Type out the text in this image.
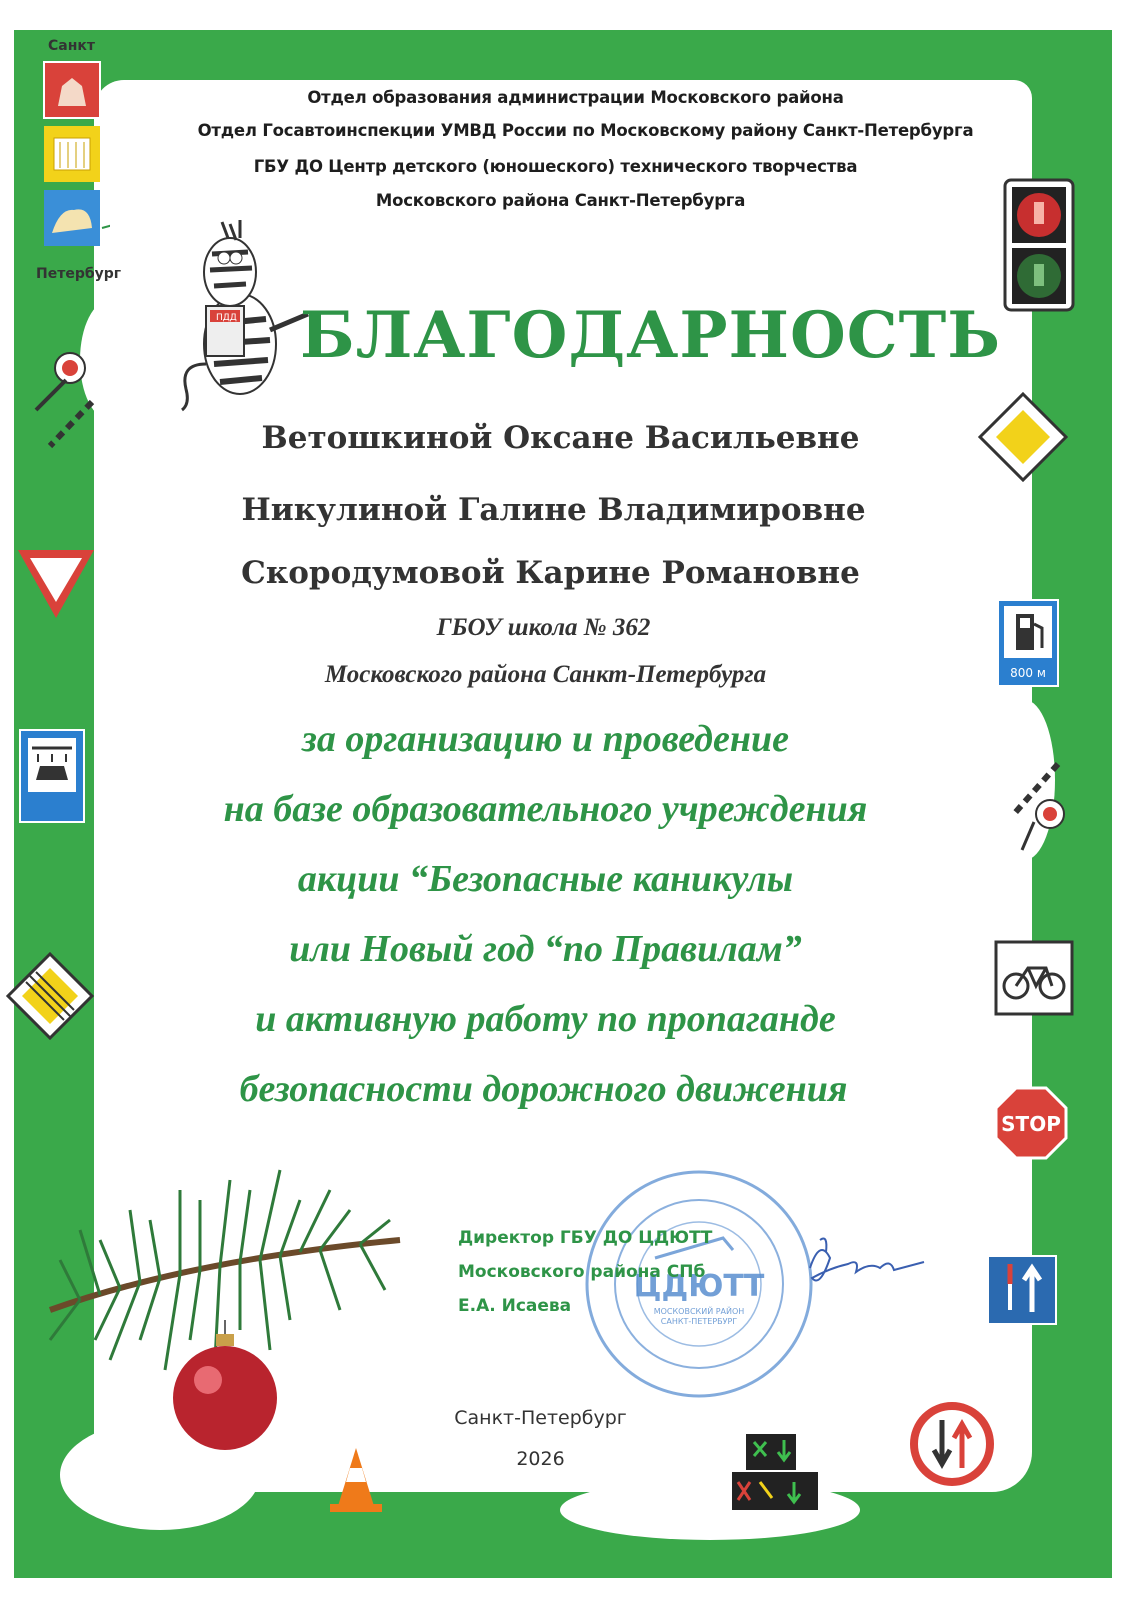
Санкт
Петербург
Отдел образования администрации Московского района
Отдел Госавтоинспекции УМВД России по Московскому району Санкт-Петербурга
ГБУ ДО Центр детского (юношеского) технического творчества
Московского района Санкт-Петербурга
ПДД БЛАГОДАРНОСТЬ
800 м
STOP
Ветошкиной Оксане Васильевне
Никулиной Галине Владимировне
Скородумовой Карине Романовне
ГБОУ школа № 362
Московского района Санкт-Петербурга
за организацию и проведение
на базе образовательного учреждения
акции “Безопасные каникулы
или Новый год “по Правилам”
и активную работу по пропаганде
безопасности дорожного движения
ЦДЮТТ
МОСКОВСКИЙ РАЙОН
САНКТ-ПЕТЕРБУРГ
Директор ГБУ ДО ЦДЮТТ
Московского района СПб
Е.А. Исаева
Санкт-Петербург
2026
